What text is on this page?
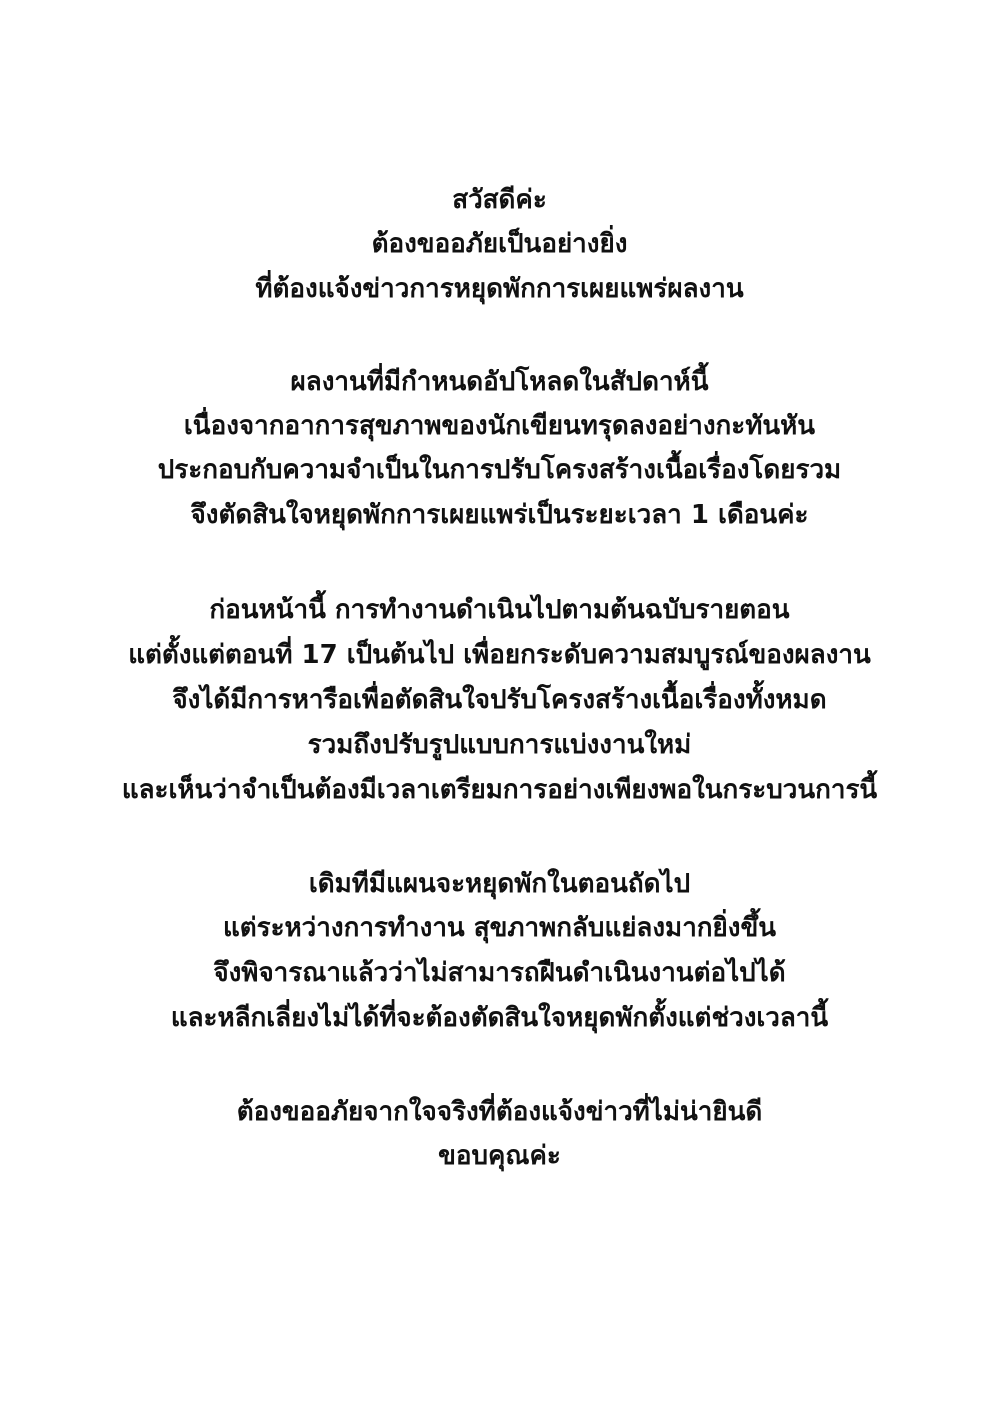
สวัสดีค่ะ
ต้องขออภัยเป็นอย่างยิ่ง
ที่ต้องแจ้งข่าวการหยุดพักการเผยแพร่ผลงาน
ผลงานที่มีกำหนดอัปโหลดในสัปดาห์นี้
เนื่องจากอาการสุขภาพของนักเขียนทรุดลงอย่างกะทันหัน
ประกอบกับความจำเป็นในการปรับโครงสร้างเนื้อเรื่องโดยรวม
จึงตัดสินใจหยุดพักการเผยแพร่เป็นระยะเวลา 1 เดือนค่ะ
ก่อนหน้านี้ การทำงานดำเนินไปตามต้นฉบับรายตอน
แต่ตั้งแต่ตอนที่ 17 เป็นต้นไป เพื่อยกระดับความสมบูรณ์ของผลงาน
จึงได้มีการหารือเพื่อตัดสินใจปรับโครงสร้างเนื้อเรื่องทั้งหมด
รวมถึงปรับรูปแบบการแบ่งงานใหม่
และเห็นว่าจำเป็นต้องมีเวลาเตรียมการอย่างเพียงพอในกระบวนการนี้
เดิมทีมีแผนจะหยุดพักในตอนถัดไป
แต่ระหว่างการทำงาน สุขภาพกลับแย่ลงมากยิ่งขึ้น
จึงพิจารณาแล้วว่าไม่สามารถฝืนดำเนินงานต่อไปได้
และหลีกเลี่ยงไม่ได้ที่จะต้องตัดสินใจหยุดพักตั้งแต่ช่วงเวลานี้
ต้องขออภัยจากใจจริงที่ต้องแจ้งข่าวที่ไม่น่ายินดี
ขอบคุณค่ะ
